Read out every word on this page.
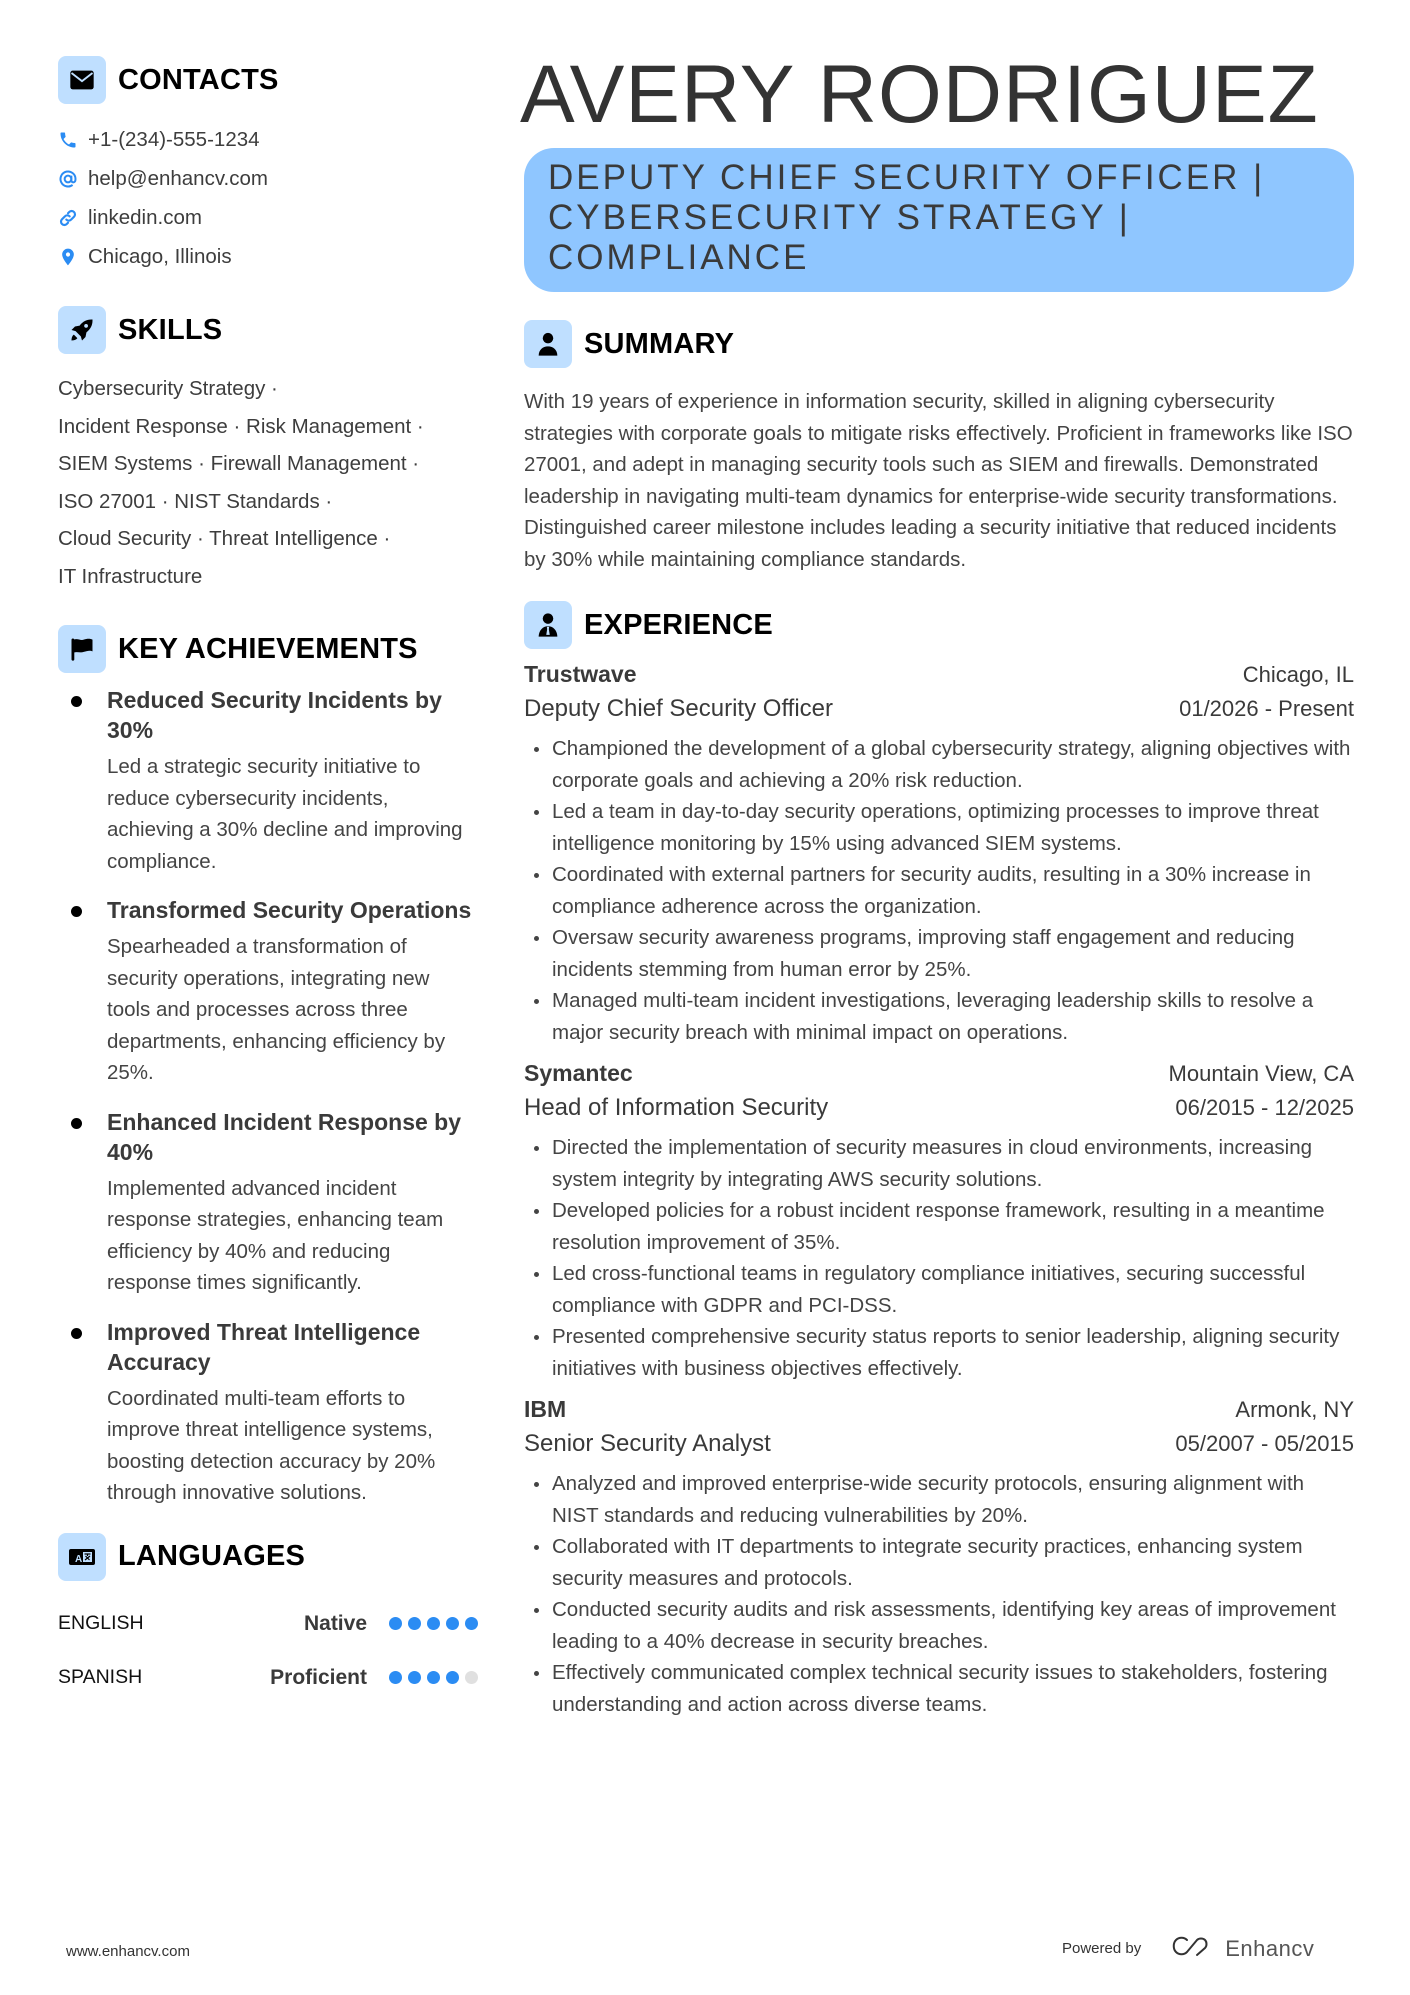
CONTACTS
+1-(234)-555-1234
help@enhancv.com
linkedin.com
Chicago, Illinois
SKILLS
Cybersecurity Strategy ·
Incident Response · Risk Management ·
SIEM Systems · Firewall Management ·
ISO 27001 · NIST Standards ·
Cloud Security · Threat Intelligence ·
IT Infrastructure
KEY ACHIEVEMENTS
Reduced Security Incidents by 30%
Led a strategic security initiative to reduce cybersecurity incidents, achieving a 30% decline and improving compliance.
Transformed Security Operations
Spearheaded a transformation of security operations, integrating new tools and processes across three departments, enhancing efficiency by 25%.
Enhanced Incident Response by 40%
Implemented advanced incident response strategies, enhancing team efficiency by 40% and reducing response times significantly.
Improved Threat Intelligence Accuracy
Coordinated multi-team efforts to improve threat intelligence systems, boosting detection accuracy by 20% through innovative solutions.
A LANGUAGES
ENGLISH	Native
SPANISH	Proficient
AVERY RODRIGUEZ
DEPUTY CHIEF SECURITY OFFICER |
CYBERSECURITY STRATEGY |
COMPLIANCE
SUMMARY
With 19 years of experience in information security, skilled in aligning cybersecurity strategies with corporate goals to mitigate risks effectively. Proficient in frameworks like ISO 27001, and adept in managing security tools such as SIEM and firewalls. Demonstrated leadership in navigating multi-team dynamics for enterprise-wide security transformations. Distinguished career milestone includes leading a security initiative that reduced incidents by 30% while maintaining compliance standards.
EXPERIENCE
Trustwave	Chicago, IL
Deputy Chief Security Officer	01/2026 - Present
Championed the development of a global cybersecurity strategy, aligning objectives with corporate goals and achieving a 20% risk reduction.
Led a team in day-to-day security operations, optimizing processes to improve threat intelligence monitoring by 15% using advanced SIEM systems.
Coordinated with external partners for security audits, resulting in a 30% increase in compliance adherence across the organization.
Oversaw security awareness programs, improving staff engagement and reducing incidents stemming from human error by 25%.
Managed multi-team incident investigations, leveraging leadership skills to resolve a major security breach with minimal impact on operations.
Symantec	Mountain View, CA
Head of Information Security	06/2015 - 12/2025
Directed the implementation of security measures in cloud environments, increasing system integrity by integrating AWS security solutions.
Developed policies for a robust incident response framework, resulting in a meantime resolution improvement of 35%.
Led cross-functional teams in regulatory compliance initiatives, securing successful compliance with GDPR and PCI-DSS.
Presented comprehensive security status reports to senior leadership, aligning security initiatives with business objectives effectively.
IBM	Armonk, NY
Senior Security Analyst	05/2007 - 05/2015
Analyzed and improved enterprise-wide security protocols, ensuring alignment with NIST standards and reducing vulnerabilities by 20%.
Collaborated with IT departments to integrate security practices, enhancing system security measures and protocols.
Conducted security audits and risk assessments, identifying key areas of improvement leading to a 40% decrease in security breaches.
Effectively communicated complex technical security issues to stakeholders, fostering understanding and action across diverse teams.
www.enhancv.com	Powered by	Enhancv
